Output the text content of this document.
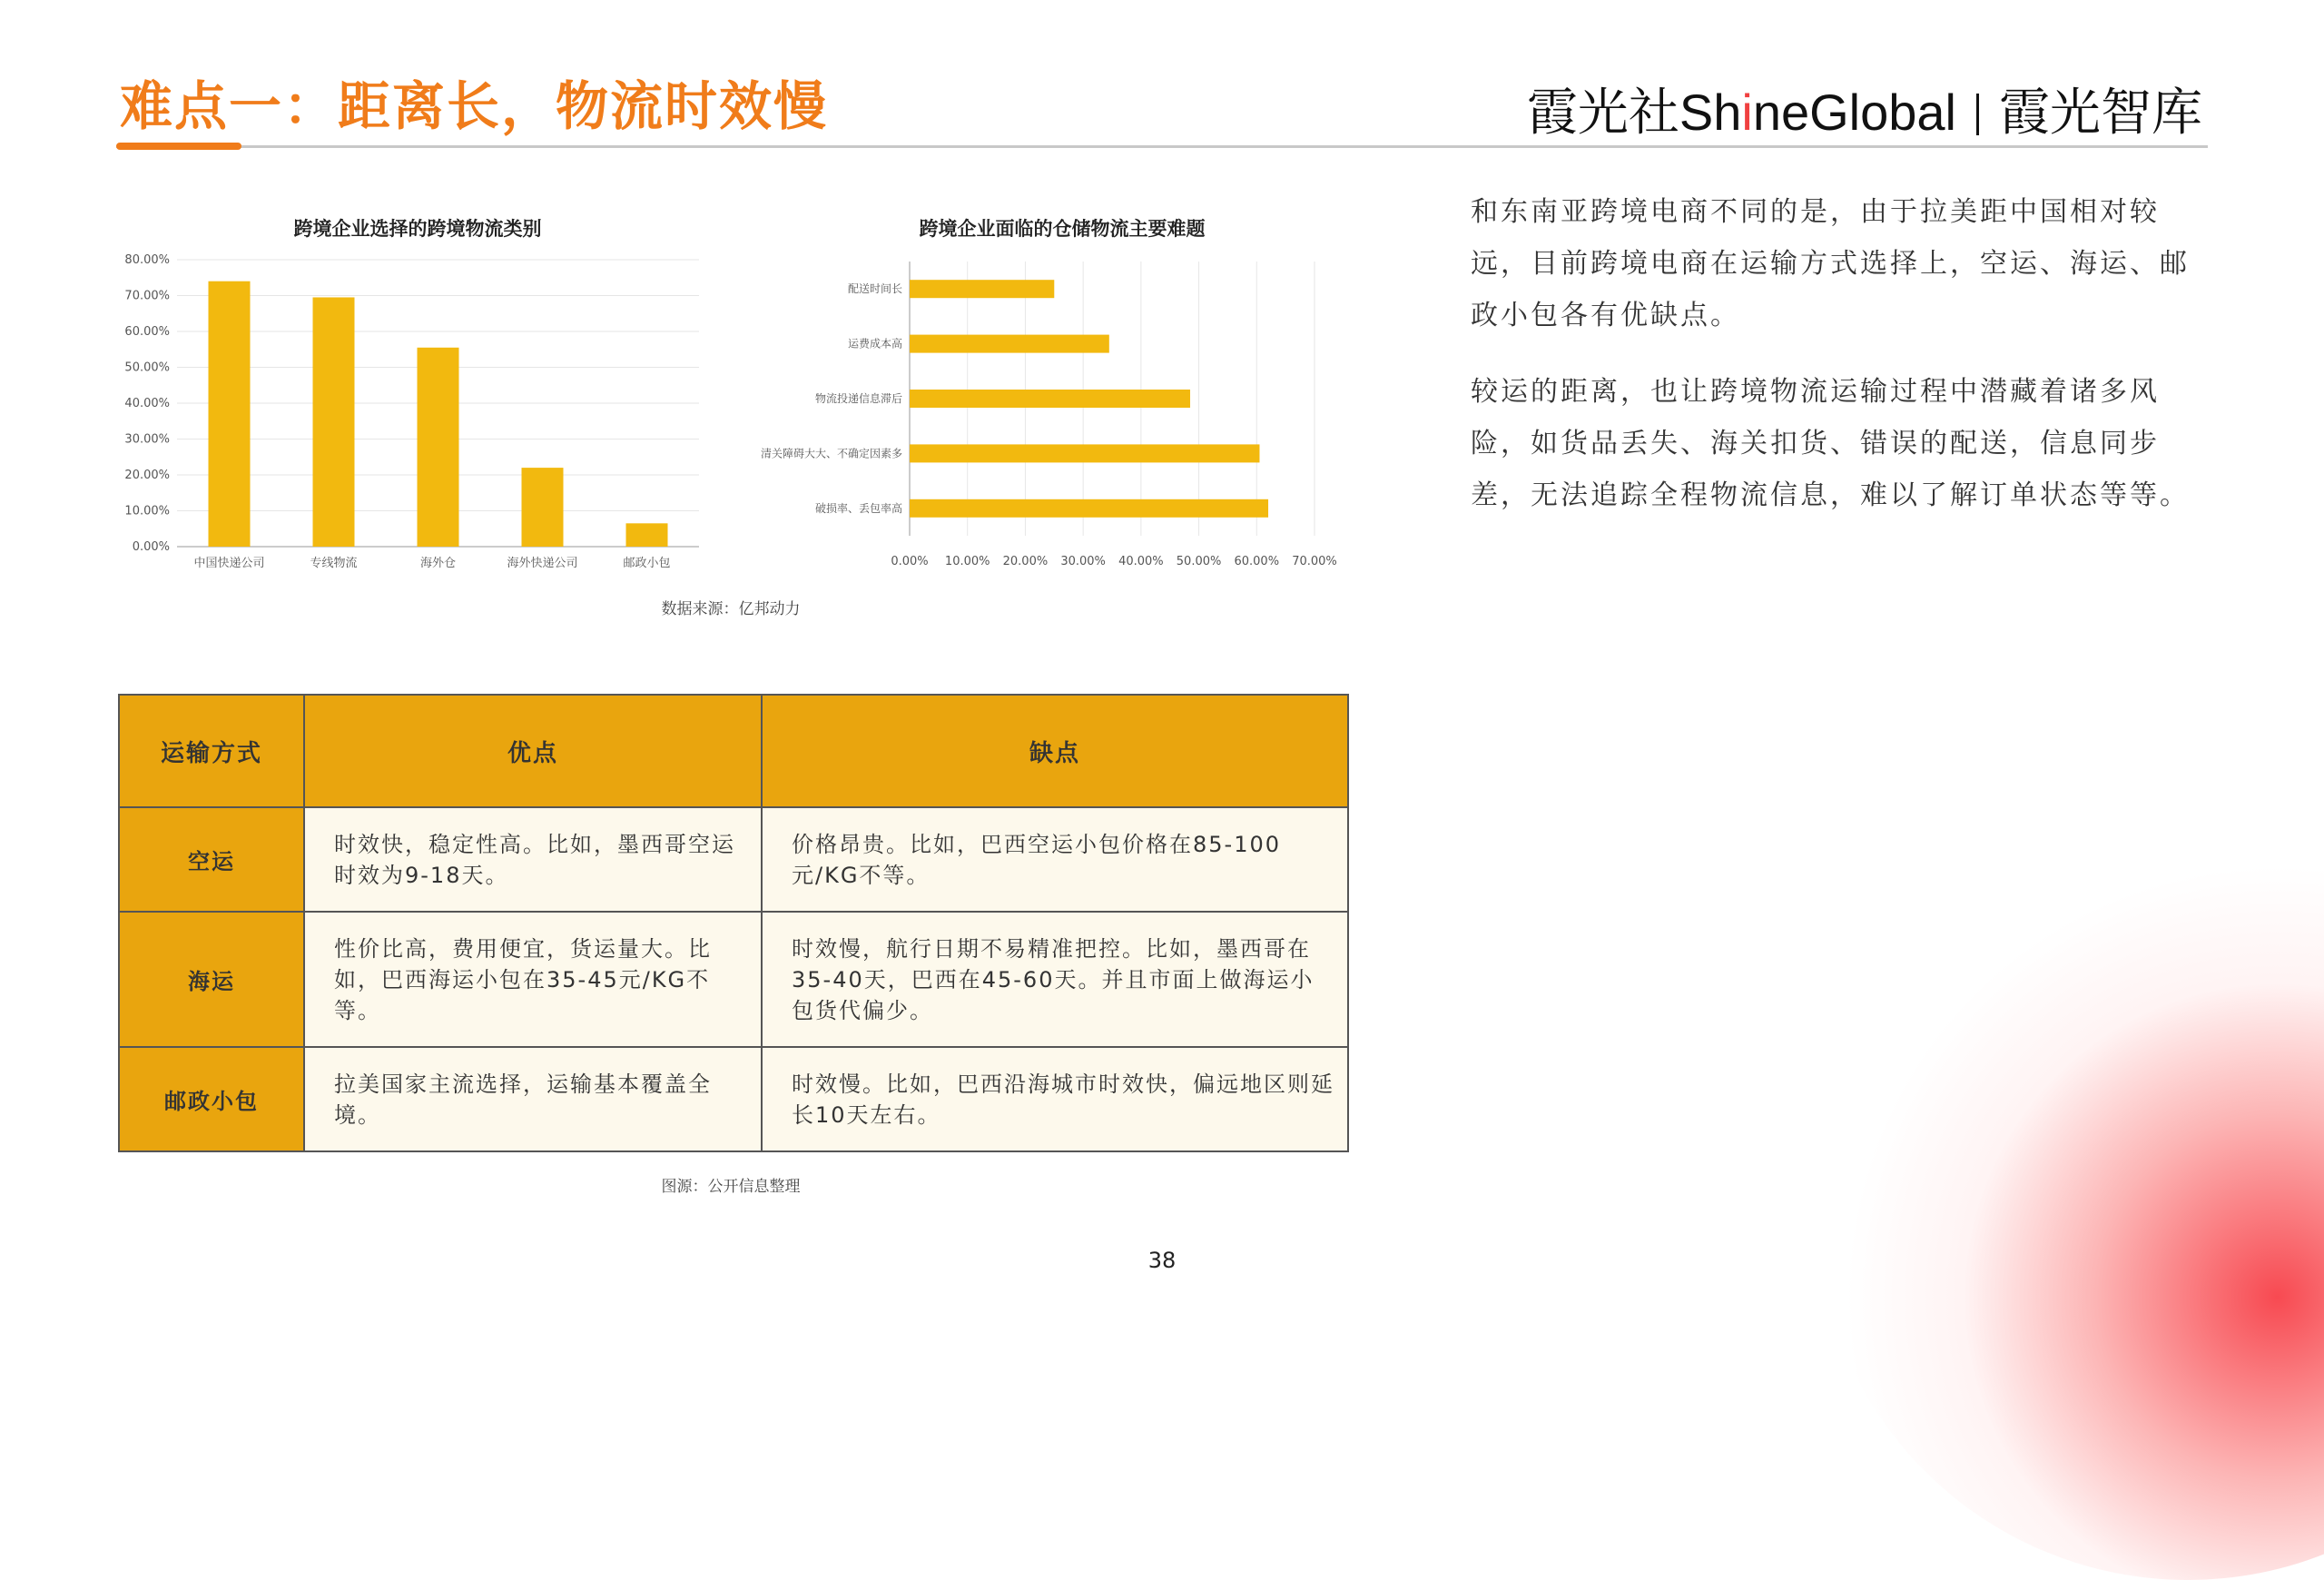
难点一：距离长，物流时效慢	霞光社ShineGlobal 霞光智库
跨境企业选择的跨境物流类别
0.00%
10.00%
20.00%
30.00%
40.00%
50.00%
60.00%
70.00%
80.00%
中国快递公司	专线物流	海外仓	海外快递公司	邮政小包
跨境企业面临的仓储物流主要难题
0.00% 10.00% 20.00% 30.00% 40.00% 50.00% 60.00% 70.00%
配送时间长
运费成本高
物流投递信息滞后
清关障碍大大、不确定因素多
破损率、丢包率高
数据来源：亿邦动力

和东南亚跨境电商不同的是，由于拉美距中国相对较远，目前跨境电商在运输方式选择上，空运、海运、邮政小包各有优缺点。

较运的距离，也让跨境物流运输过程中潜藏着诸多风险，如货品丢失、海关扣货、错误的配送，信息同步差，无法追踪全程物流信息，难以了解订单状态等等。

运输方式	优点	缺点
空运	时效快，稳定性高。比如，墨西哥空运时效为9-18天。	价格昂贵。比如，巴西空运小包价格在85-100元/KG不等。
海运	性价比高，费用便宜，货运量大。比如，巴西海运小包在35-45元/KG不等。	时效慢，航行日期不易精准把控。比如，墨西哥在35-40天，巴西在45-60天。并且市面上做海运小包货代偏少。
邮政小包	拉美国家主流选择，运输基本覆盖全境。	时效慢。比如，巴西沿海城市时效快，偏远地区则延长10天左右。
图源：公开信息整理
38
